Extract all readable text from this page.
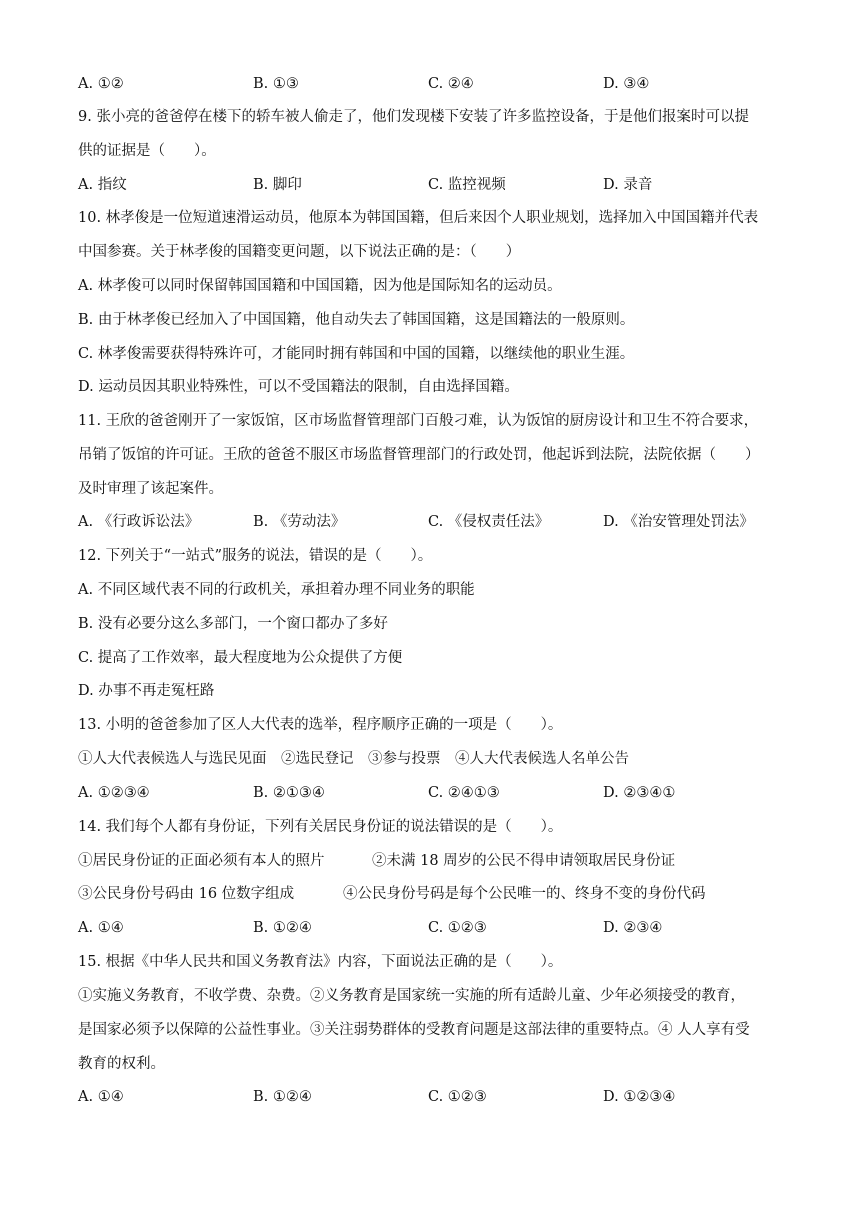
A. ①②	B. ①③	C. ②④	D. ③④
9. 张小亮的爸爸停在楼下的轿车被人偷走了，他们发现楼下安装了许多监控设备，于是他们报案时可以提
供的证据是（　　）。
A. 指纹	B. 脚印	C. 监控视频	D. 录音
10. 林孝俊是一位短道速滑运动员，他原本为韩国国籍，但后来因个人职业规划，选择加入中国国籍并代表
中国参赛。关于林孝俊的国籍变更问题，以下说法正确的是：（　　）
A. 林孝俊可以同时保留韩国国籍和中国国籍，因为他是国际知名的运动员。
B. 由于林孝俊已经加入了中国国籍，他自动失去了韩国国籍，这是国籍法的一般原则。
C. 林孝俊需要获得特殊许可，才能同时拥有韩国和中国的国籍，以继续他的职业生涯。
D. 运动员因其职业特殊性，可以不受国籍法的限制，自由选择国籍。
11. 王欣的爸爸刚开了一家饭馆，区市场监督管理部门百般刁难，认为饭馆的厨房设计和卫生不符合要求，
吊销了饭馆的许可证。王欣的爸爸不服区市场监督管理部门的行政处罚，他起诉到法院，法院依据（　　）
及时审理了该起案件。
A. 《行政诉讼法》	B. 《劳动法》	C. 《侵权责任法》	D. 《治安管理处罚法》
12. 下列关于“一站式”服务的说法，错误的是（　　）。
A. 不同区域代表不同的行政机关，承担着办理不同业务的职能
B. 没有必要分这么多部门，一个窗口都办了多好
C. 提高了工作效率，最大程度地为公众提供了方便
D. 办事不再走冤枉路
13. 小明的爸爸参加了区人大代表的选举，程序顺序正确的一项是（　　）。
①人大代表候选人与选民见面　②选民登记　③参与投票　④人大代表候选人名单公告
A. ①②③④	B. ②①③④	C. ②④①③	D. ②③④①
14. 我们每个人都有身份证，下列有关居民身份证的说法错误的是（　　）。
①居民身份证的正面必须有本人的照片	②未满 18 周岁的公民不得申请领取居民身份证
③公民身份号码由 16 位数字组成	④公民身份号码是每个公民唯一的、终身不变的身份代码
A. ①④	B. ①②④	C. ①②③	D. ②③④
15. 根据《中华人民共和国义务教育法》内容，下面说法正确的是（　　）。
①实施义务教育，不收学费、杂费。②义务教育是国家统一实施的所有适龄儿童、少年必须接受的教育，
是国家必须予以保障的公益性事业。③关注弱势群体的受教育问题是这部法律的重要特点。④ 人人享有受
教育的权利。
A. ①④	B. ①②④	C. ①②③	D. ①②③④
